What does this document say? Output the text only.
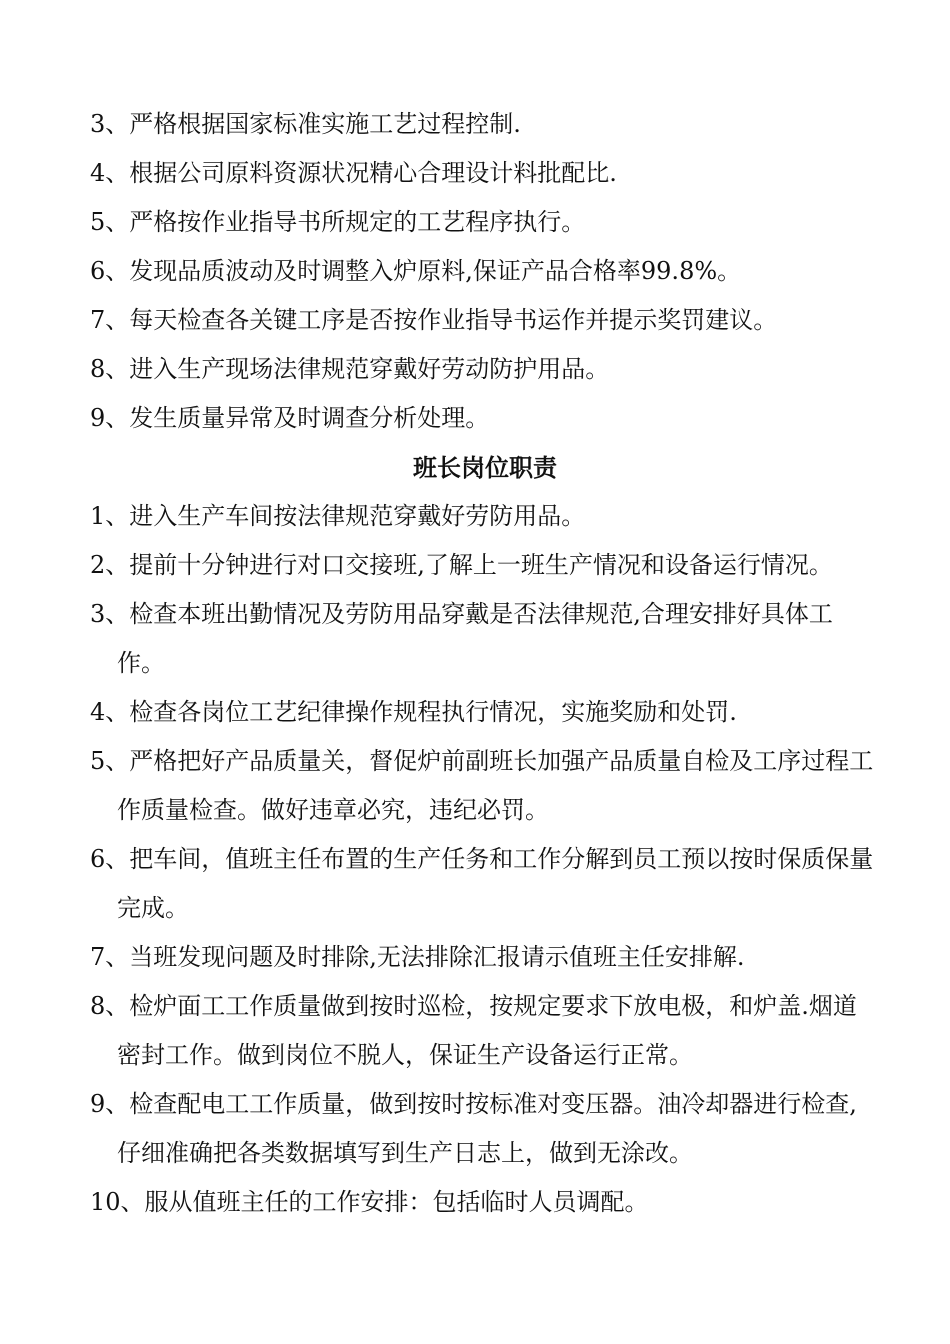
3、严格根据国家标准实施工艺过程控制.

4、根据公司原料资源状况精心合理设计料批配比.

5、严格按作业指导书所规定的工艺程序执行。

6、发现品质波动及时调整入炉原料,保证产品合格率99.8%。

7、每天检查各关键工序是否按作业指导书运作并提示奖罚建议。

8、进入生产现场法律规范穿戴好劳动防护用品。

9、发生质量异常及时调查分析处理。

班长岗位职责

1、进入生产车间按法律规范穿戴好劳防用品。

2、提前十分钟进行对口交接班,了解上一班生产情况和设备运行情况。

3、检查本班出勤情况及劳防用品穿戴是否法律规范,合理安排好具体工作。

4、检查各岗位工艺纪律操作规程执行情况，实施奖励和处罚.

5、严格把好产品质量关，督促炉前副班长加强产品质量自检及工序过程工作质量检查。做好违章必究，违纪必罚。

6、把车间，值班主任布置的生产任务和工作分解到员工预以按时保质保量完成。

7、当班发现问题及时排除,无法排除汇报请示值班主任安排解.

8、检炉面工工作质量做到按时巡检，按规定要求下放电极，和炉盖.烟道密封工作。做到岗位不脱人，保证生产设备运行正常。

9、检查配电工工作质量，做到按时按标准对变压器。油冷却器进行检查,仔细准确把各类数据填写到生产日志上，做到无涂改。

10、服从值班主任的工作安排：包括临时人员调配。
